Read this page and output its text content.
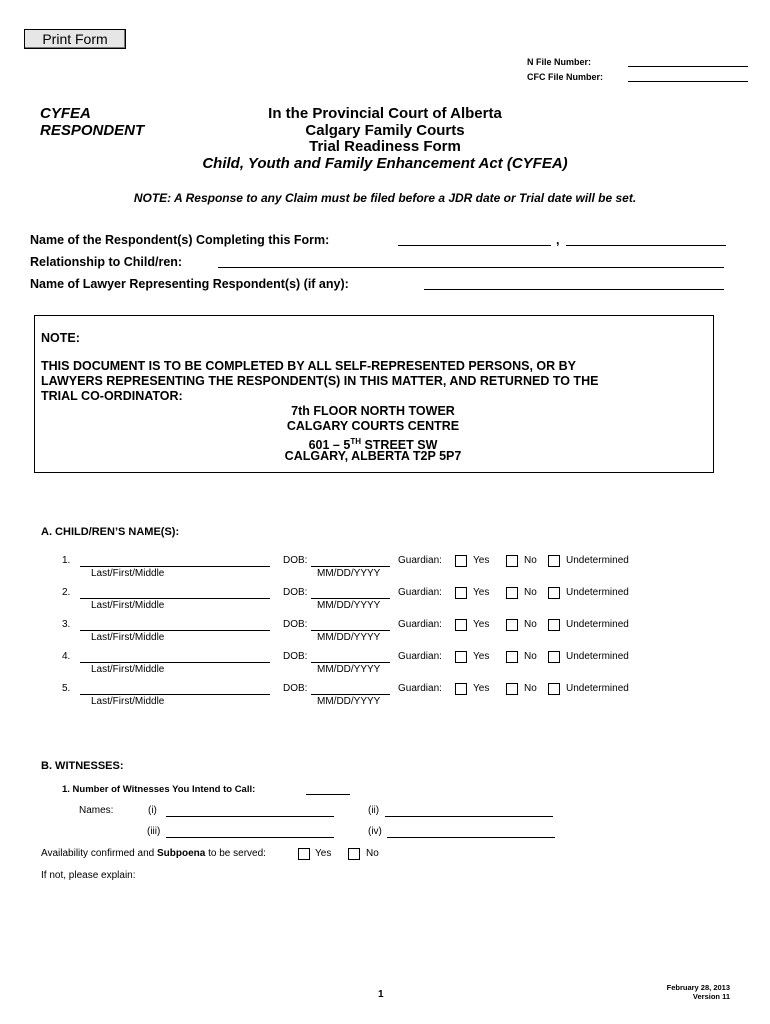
Print Form
N File Number:
CFC File Number:
CYFEA
RESPONDENT
In the Provincial Court of Alberta
Calgary Family Courts
Trial Readiness Form
Child, Youth and Family Enhancement Act (CYFEA)
NOTE: A Response to any Claim must be filed before a JDR date or Trial date will be set.
Name of the Respondent(s) Completing this Form:	,
Relationship to Child/ren:
Name of Lawyer Representing Respondent(s) (if any):
NOTE:
THIS DOCUMENT IS TO BE COMPLETED BY ALL SELF-REPRESENTED PERSONS, OR BY
LAWYERS REPRESENTING THE RESPONDENT(S) IN THIS MATTER, AND RETURNED TO THE
TRIAL CO-ORDINATOR:
7th FLOOR NORTH TOWER
CALGARY COURTS CENTRE
601 – 5TH STREET SW
CALGARY, ALBERTA T2P 5P7
A. CHILD/REN’S NAME(S):
1.
Last/First/Middle
DOB:
MM/DD/YYYY
Guardian:	Yes	No	Undetermined
2.
Last/First/Middle
DOB:
MM/DD/YYYY
Guardian:	Yes	No	Undetermined
3.
Last/First/Middle
DOB:
MM/DD/YYYY
Guardian:	Yes	No	Undetermined
4.
Last/First/Middle
DOB:
MM/DD/YYYY
Guardian:	Yes	No	Undetermined
5.
Last/First/Middle
DOB:
MM/DD/YYYY
Guardian:	Yes	No	Undetermined
B. WITNESSES:
1. Number of Witnesses You Intend to Call:
Names:	(i)	(ii)
(iii)	(iv)
Availability confirmed and Subpoena to be served:	Yes	No
If not, please explain:
1
February 28, 2013
Version 11
